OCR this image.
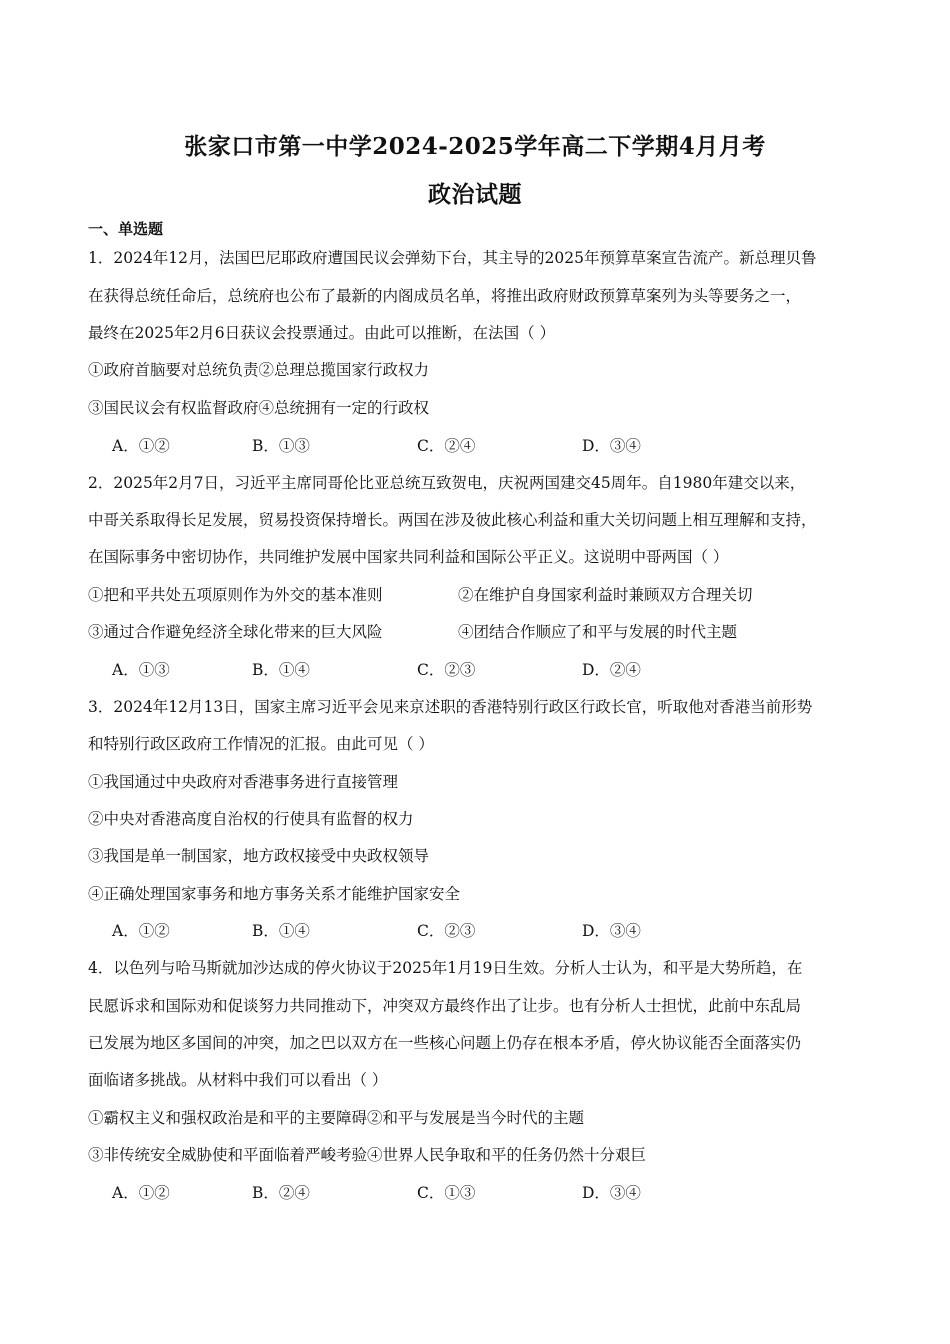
张家口市第一中学2024-2025学年高二下学期4月月考
政治试题
一、单选题
1．2024年12月，法国巴尼耶政府遭国民议会弹劾下台，其主导的2025年预算草案宣告流产。新总理贝鲁
在获得总统任命后，总统府也公布了最新的内阁成员名单，将推出政府财政预算草案列为头等要务之一，
最终在2025年2月6日获议会投票通过。由此可以推断，在法国（ ）
①政府首脑要对总统负责②总理总揽国家行政权力
③国民议会有权监督政府④总统拥有一定的行政权
A．①②	B．①③	C．②④	D．③④
2．2025年2月7日，习近平主席同哥伦比亚总统互致贺电，庆祝两国建交45周年。自1980年建交以来，
中哥关系取得长足发展，贸易投资保持增长。两国在涉及彼此核心利益和重大关切问题上相互理解和支持，
在国际事务中密切协作，共同维护发展中国家共同利益和国际公平正义。这说明中哥两国（ ）
①把和平共处五项原则作为外交的基本准则	②在维护自身国家利益时兼顾双方合理关切
③通过合作避免经济全球化带来的巨大风险	④团结合作顺应了和平与发展的时代主题
A．①③	B．①④	C．②③	D．②④
3．2024年12月13日，国家主席习近平会见来京述职的香港特别行政区行政长官，听取他对香港当前形势
和特别行政区政府工作情况的汇报。由此可见（ ）
①我国通过中央政府对香港事务进行直接管理
②中央对香港高度自治权的行使具有监督的权力
③我国是单一制国家，地方政权接受中央政权领导
④正确处理国家事务和地方事务关系才能维护国家安全
A．①②	B．①④	C．②③	D．③④
4．以色列与哈马斯就加沙达成的停火协议于2025年1月19日生效。分析人士认为，和平是大势所趋，在
民愿诉求和国际劝和促谈努力共同推动下，冲突双方最终作出了让步。也有分析人士担忧，此前中东乱局
已发展为地区多国间的冲突，加之巴以双方在一些核心问题上仍存在根本矛盾，停火协议能否全面落实仍
面临诸多挑战。从材料中我们可以看出（ ）
①霸权主义和强权政治是和平的主要障碍②和平与发展是当今时代的主题
③非传统安全威胁使和平面临着严峻考验④世界人民争取和平的任务仍然十分艰巨
A．①②	B．②④	C．①③	D．③④
